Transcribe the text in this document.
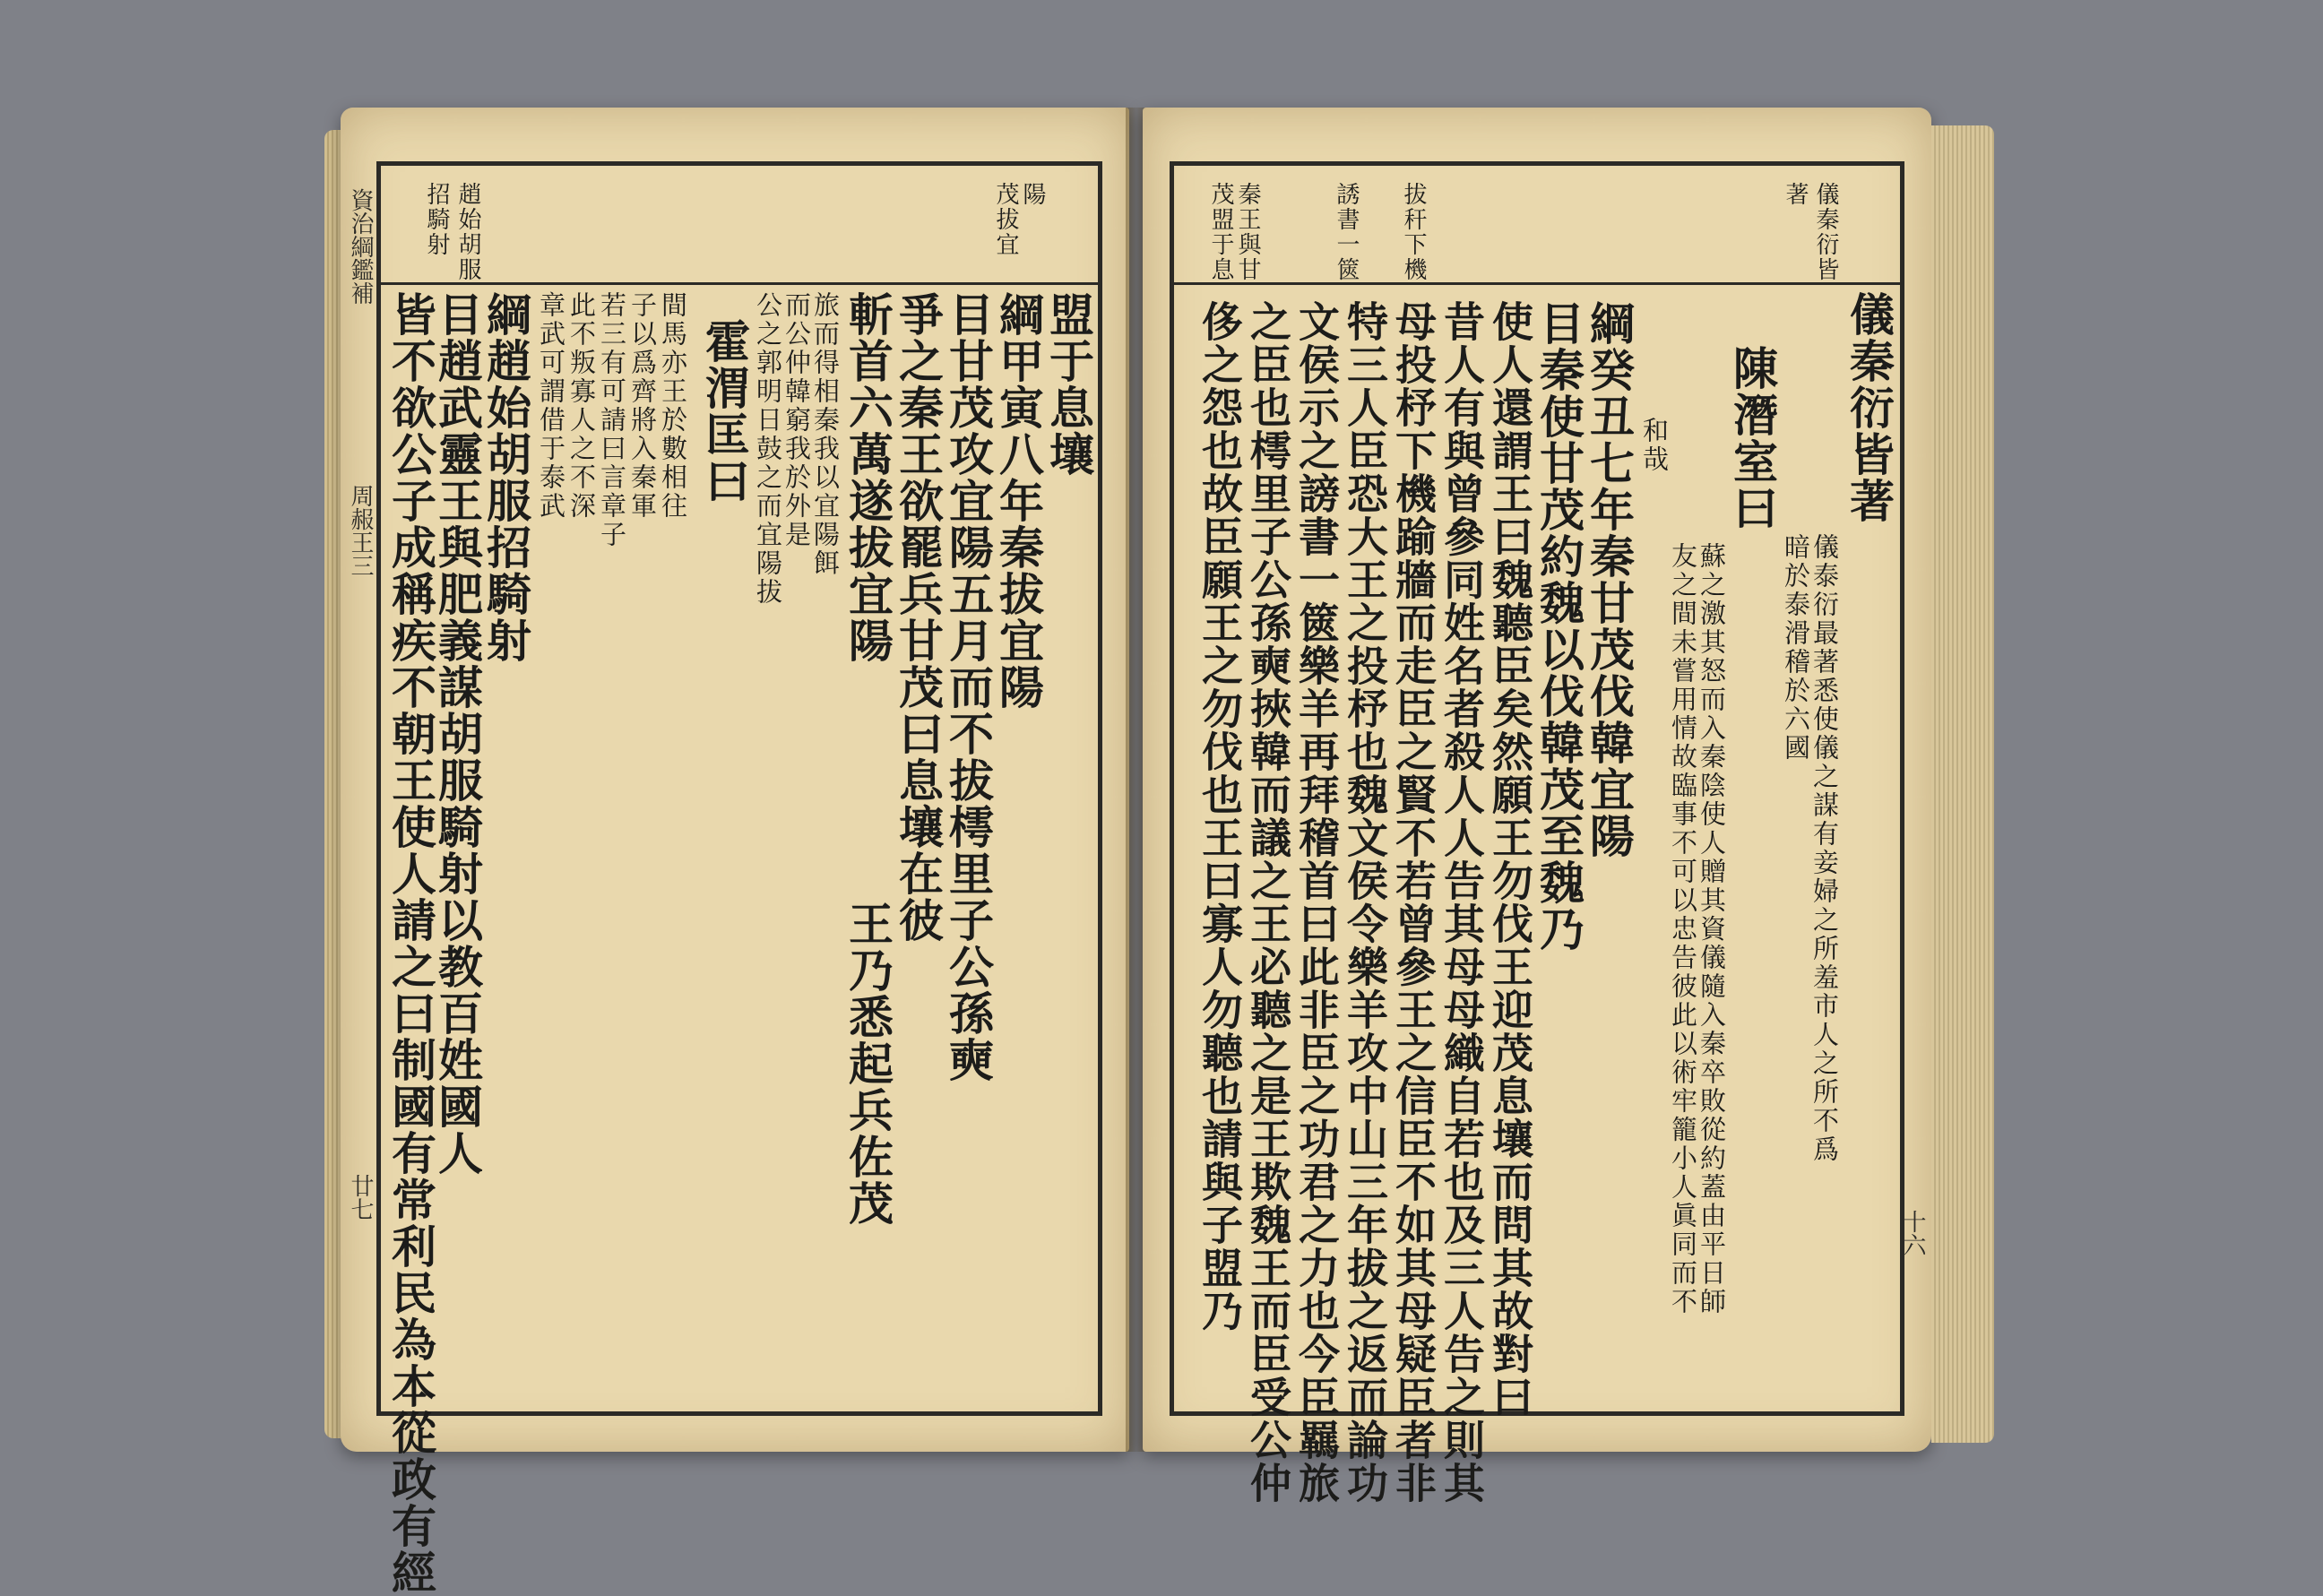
資治綱鑑補
周赧王三
廿七
趙始胡服
招騎射	茂拔宜 陽
盟于息壤
綱甲寅八年秦拔宜陽
目甘茂攻宜陽五月而不拔樗里子公孫奭
爭之秦王欲罷兵甘茂曰息壤在彼
王乃悉起兵佐茂
斬首六萬遂拔宜陽
旅而得相秦我以宜陽餌
而公仲韓窮我於外是
公之郭明日鼓之而宜陽拔
霍渭匡曰
間馬亦王於數相往
子以爲齊將入秦軍
若三有可請曰言章子
此不叛寡人之不深
章武可謂借于泰武
綱趙始胡服招騎射
目趙武靈王與肥義謀胡服騎射以教百姓國人
皆不欲公子成稱疾不朝王使人請之曰制國有常利民為本從政有經
儀秦衍皆
著
拔秆下機
誘書一篋
秦王與甘
茂盟于息
儀秦衍皆著
儀泰衍最著悉使儀之謀有妾婦之所羞市人之所不爲
暗於泰滑稽於六國
陳潛室曰
蘇之激其怒而入秦陰使人贈其資儀隨入秦卒敗從約蓋由平日師
友之間未嘗用情故臨事不可以忠告彼此以術牢籠小人眞同而不
和哉
綱癸丑七年秦甘茂伐韓宜陽
目秦使甘茂約魏以伐韓茂至魏乃
使人還謂王曰魏聽臣矣然願王勿伐王迎茂息壤而問其故對曰
昔人有與曾參同姓名者殺人人告其母母織自若也及三人告之則其
母投杼下機踰牆而走臣之賢不若曾參王之信臣不如其母疑臣者非
特三人臣恐大王之投杼也魏文侯令樂羊攻中山三年拔之返而論功
文侯示之謗書一篋樂羊再拜稽首曰此非臣之功君之力也今臣羈旅
之臣也樗里子公孫奭挾韓而議之王必聽之是王欺魏王而臣受公仲
侈之怨也故臣願王之勿伐也王曰寡人勿聽也請與子盟乃	十六
